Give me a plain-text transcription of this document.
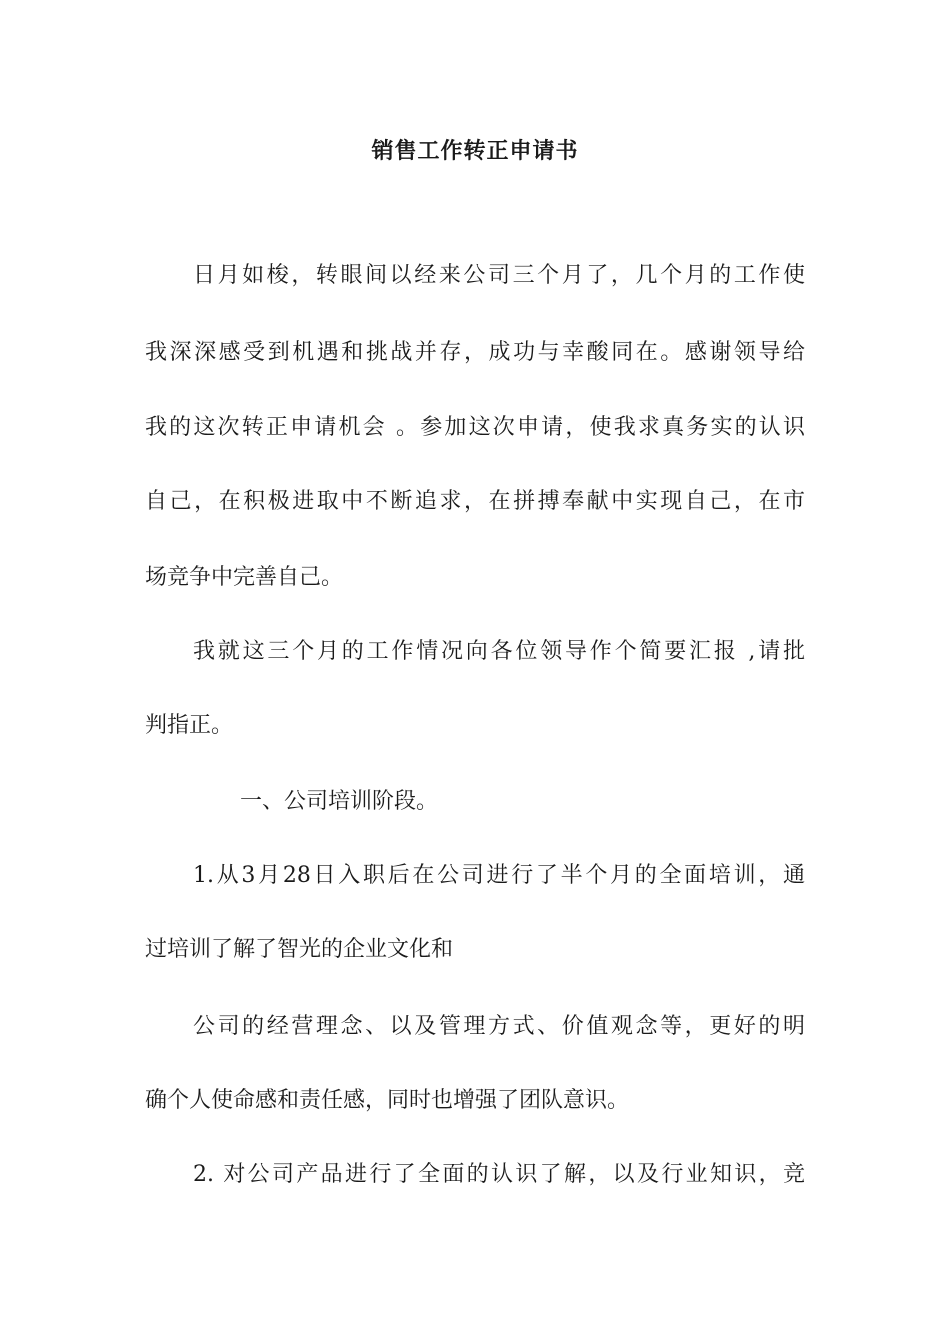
销售工作转正申请书
日月如梭，转眼间以经来公司三个月了，几个月的工作使
我深深感受到机遇和挑战并存，成功与幸酸同在。感谢领导给
我的这次转正申请机会 。参加这次申请，使我求真务实的认识
自己，在积极进取中不断追求，在拼搏奉献中实现自己，在市
场竞争中完善自己。
我就这三个月的工作情况向各位领导作个简要汇报 ,请批
判指正。
一、公司培训阶段。
1.从3月28日入职后在公司进行了半个月的全面培训，通
过培训了解了智光的企业文化和
公司的经营理念、以及管理方式、价值观念等，更好的明
确个人使命感和责任感，同时也增强了团队意识。
2. 对公司产品进行了全面的认识了解，以及行业知识，竞
